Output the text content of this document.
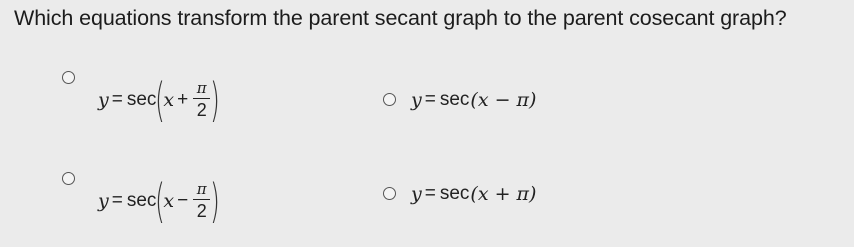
Which equations transform the parent secant graph to the parent cosecant graph?
y = sec (
$x + \frac{\pi}{2}$ )	y = sec (x − π)
y = sec (
$x - \frac{\pi}{2}$ )	y = sec (x + π)
